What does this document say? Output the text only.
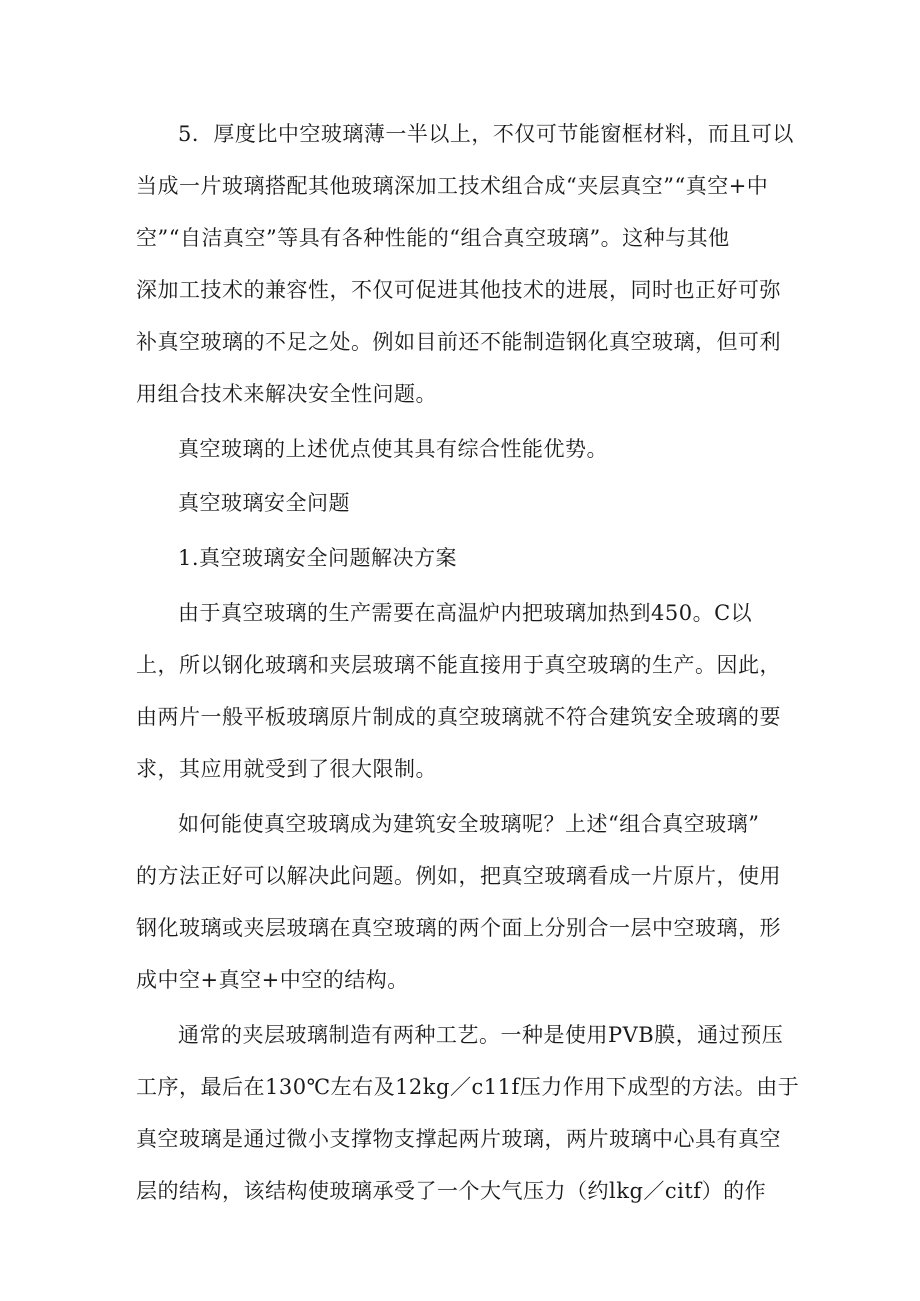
5．厚度比中空玻璃薄一半以上，不仅可节能窗框材料，而且可以
当成一片玻璃搭配其他玻璃深加工技术组合成“夹层真空”“真空+中
空”“自洁真空”等具有各种性能的“组合真空玻璃”。这种与其他
深加工技术的兼容性，不仅可促进其他技术的进展，同时也正好可弥
补真空玻璃的不足之处。例如目前还不能制造钢化真空玻璃，但可利
用组合技术来解决安全性问题。
真空玻璃的上述优点使其具有综合性能优势。
真空玻璃安全问题
1.真空玻璃安全问题解决方案
由于真空玻璃的生产需要在高温炉内把玻璃加热到450。C以
上，所以钢化玻璃和夹层玻璃不能直接用于真空玻璃的生产。因此，
由两片一般平板玻璃原片制成的真空玻璃就不符合建筑安全玻璃的要
求，其应用就受到了很大限制。
如何能使真空玻璃成为建筑安全玻璃呢？上述“组合真空玻璃”
的方法正好可以解决此问题。例如，把真空玻璃看成一片原片，使用
钢化玻璃或夹层玻璃在真空玻璃的两个面上分别合一层中空玻璃，形
成中空+真空+中空的结构。
通常的夹层玻璃制造有两种工艺。一种是使用PVB膜，通过预压
工序，最后在130℃左右及12kg／c11f压力作用下成型的方法。由于
真空玻璃是通过微小支撑物支撑起两片玻璃，两片玻璃中心具有真空
层的结构，该结构使玻璃承受了一个大气压力（约lkg／citf）的作
